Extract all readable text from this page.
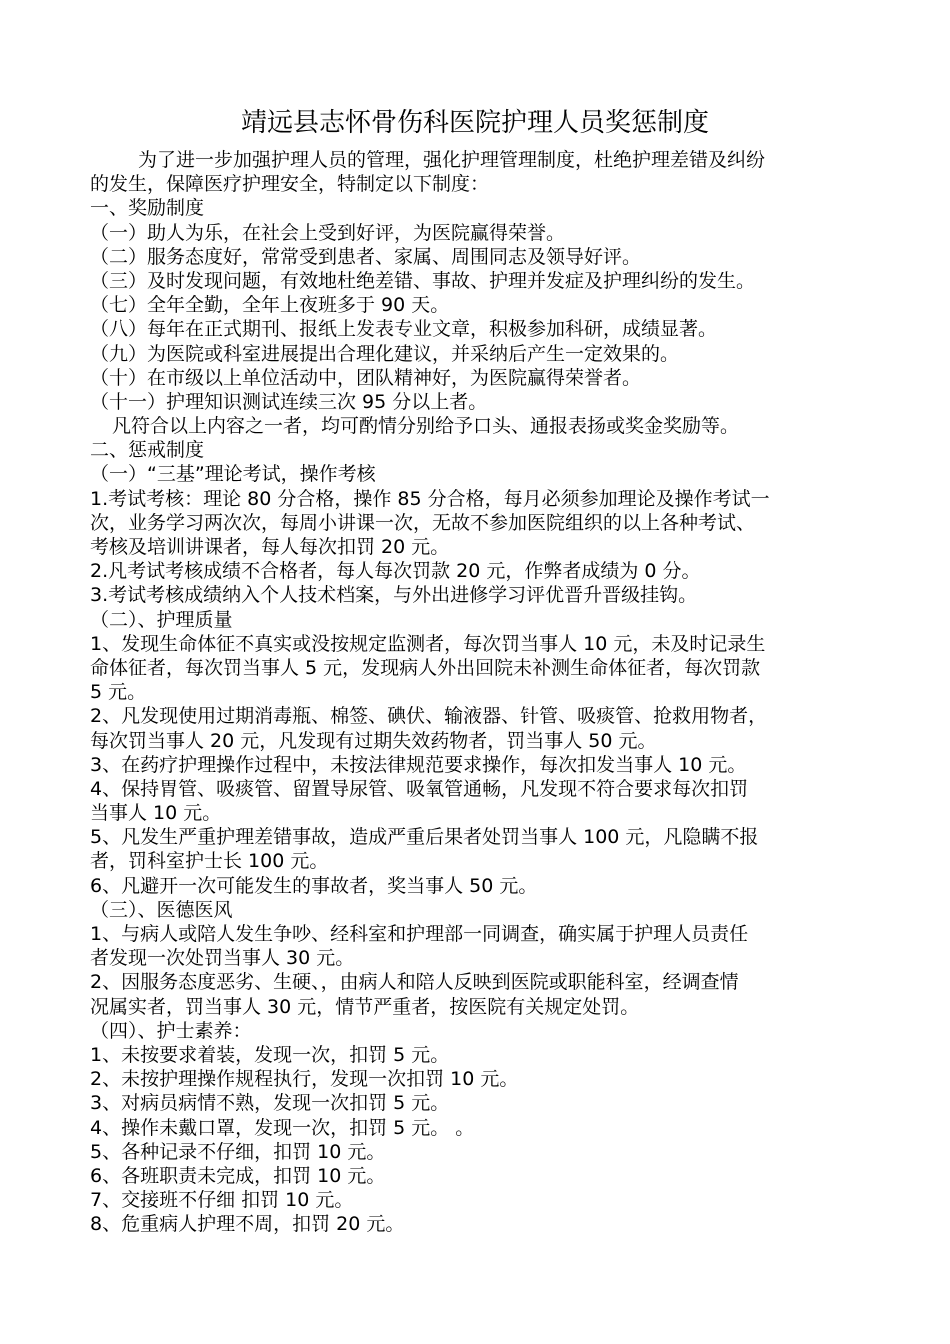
靖远县志怀骨伤科医院护理人员奖惩制度
为了进一步加强护理人员的管理，强化护理管理制度，杜绝护理差错及纠纷
的发生，保障医疗护理安全，特制定以下制度：
一、奖励制度
（一）助人为乐，在社会上受到好评，为医院赢得荣誉。
（二）服务态度好，常常受到患者、家属、周围同志及领导好评。
（三）及时发现问题，有效地杜绝差错、事故、护理并发症及护理纠纷的发生。
（七）全年全勤，全年上夜班多于 90 天。
（八）每年在正式期刊、报纸上发表专业文章，积极参加科研，成绩显著。
（九）为医院或科室进展提出合理化建议，并采纳后产生一定效果的。
（十）在市级以上单位活动中，团队精神好，为医院赢得荣誉者。
（十一）护理知识测试连续三次 95 分以上者。
凡符合以上内容之一者，均可酌情分别给予口头、通报表扬或奖金奖励等。
二、惩戒制度
（一）“三基”理论考试，操作考核
1.考试考核：理论 80 分合格，操作 85 分合格，每月必须参加理论及操作考试一
次，业务学习两次次，每周小讲课一次，无故不参加医院组织的以上各种考试、
考核及培训讲课者，每人每次扣罚 20 元。
2.凡考试考核成绩不合格者，每人每次罚款 20 元，作弊者成绩为 0 分。
3.考试考核成绩纳入个人技术档案，与外出进修学习评优晋升晋级挂钩。
（二）、护理质量
1、发现生命体征不真实或没按规定监测者，每次罚当事人 10 元，未及时记录生
命体征者，每次罚当事人 5 元，发现病人外出回院未补测生命体征者，每次罚款
5 元。
2、凡发现使用过期消毒瓶、棉签、碘伏、输液器、针管、吸痰管、抢救用物者，
每次罚当事人 20 元，凡发现有过期失效药物者，罚当事人 50 元。
3、在药疗护理操作过程中，未按法律规范要求操作，每次扣发当事人 10 元。
4、保持胃管、吸痰管、留置导尿管、吸氧管通畅，凡发现不符合要求每次扣罚
当事人 10 元。
5、凡发生严重护理差错事故，造成严重后果者处罚当事人 100 元，凡隐瞒不报
者，罚科室护士长 100 元。
6、凡避开一次可能发生的事故者，奖当事人 50 元。
（三）、医德医风
1、与病人或陪人发生争吵、经科室和护理部一同调查，确实属于护理人员责任
者发现一次处罚当事人 30 元。
2、因服务态度恶劣、生硬、，由病人和陪人反映到医院或职能科室，经调查情
况属实者，罚当事人 30 元，情节严重者，按医院有关规定处罚。
（四）、护士素养：
1、未按要求着装，发现一次，扣罚 5 元。
2、未按护理操作规程执行，发现一次扣罚 10 元。
3、对病员病情不熟，发现一次扣罚 5 元。
4、操作未戴口罩，发现一次，扣罚 5 元。 。
5、各种记录不仔细，扣罚 10 元。
6、各班职责未完成，扣罚 10 元。
7、交接班不仔细 扣罚 10 元。
8、危重病人护理不周，扣罚 20 元。
